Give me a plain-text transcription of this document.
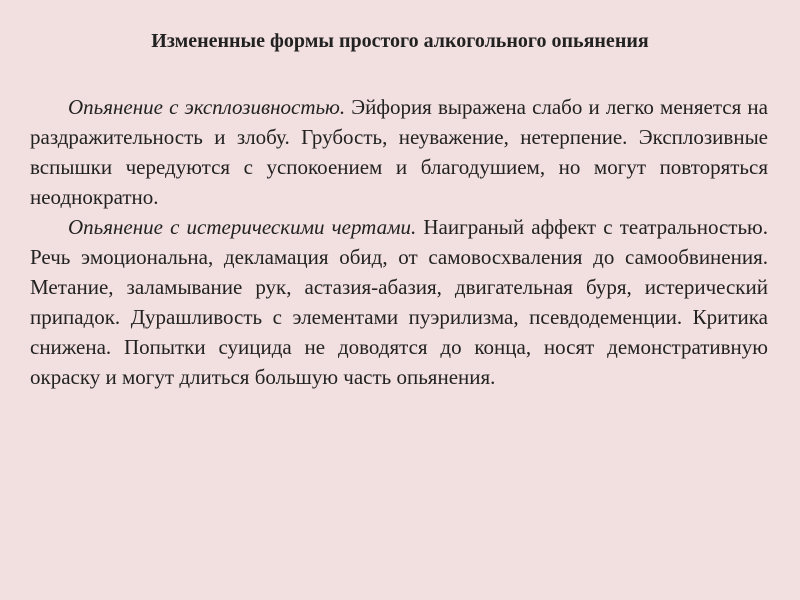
Измененные формы простого алкогольного опьянения

Опьянение с эксплозивностью. Эйфория выражена слабо и легко меняется на раздражительность и злобу. Грубость, неуважение, нетерпение. Эксплозивные вспышки чередуются с успокоением и благодушием, но могут повторяться неоднократно.

Опьянение с истерическими чертами. Наиграный аффект с театральностью. Речь эмоциональна, декламация обид, от самовосхваления до самообвинения. Метание, заламывание рук, астазия-абазия, двигательная буря, истерический припадок. Дурашливость с элементами пуэрилизма, псевдодеменции. Критика снижена. Попытки суицида не доводятся до конца, носят демонстративную окраску и могут длиться большую часть опьянения.
